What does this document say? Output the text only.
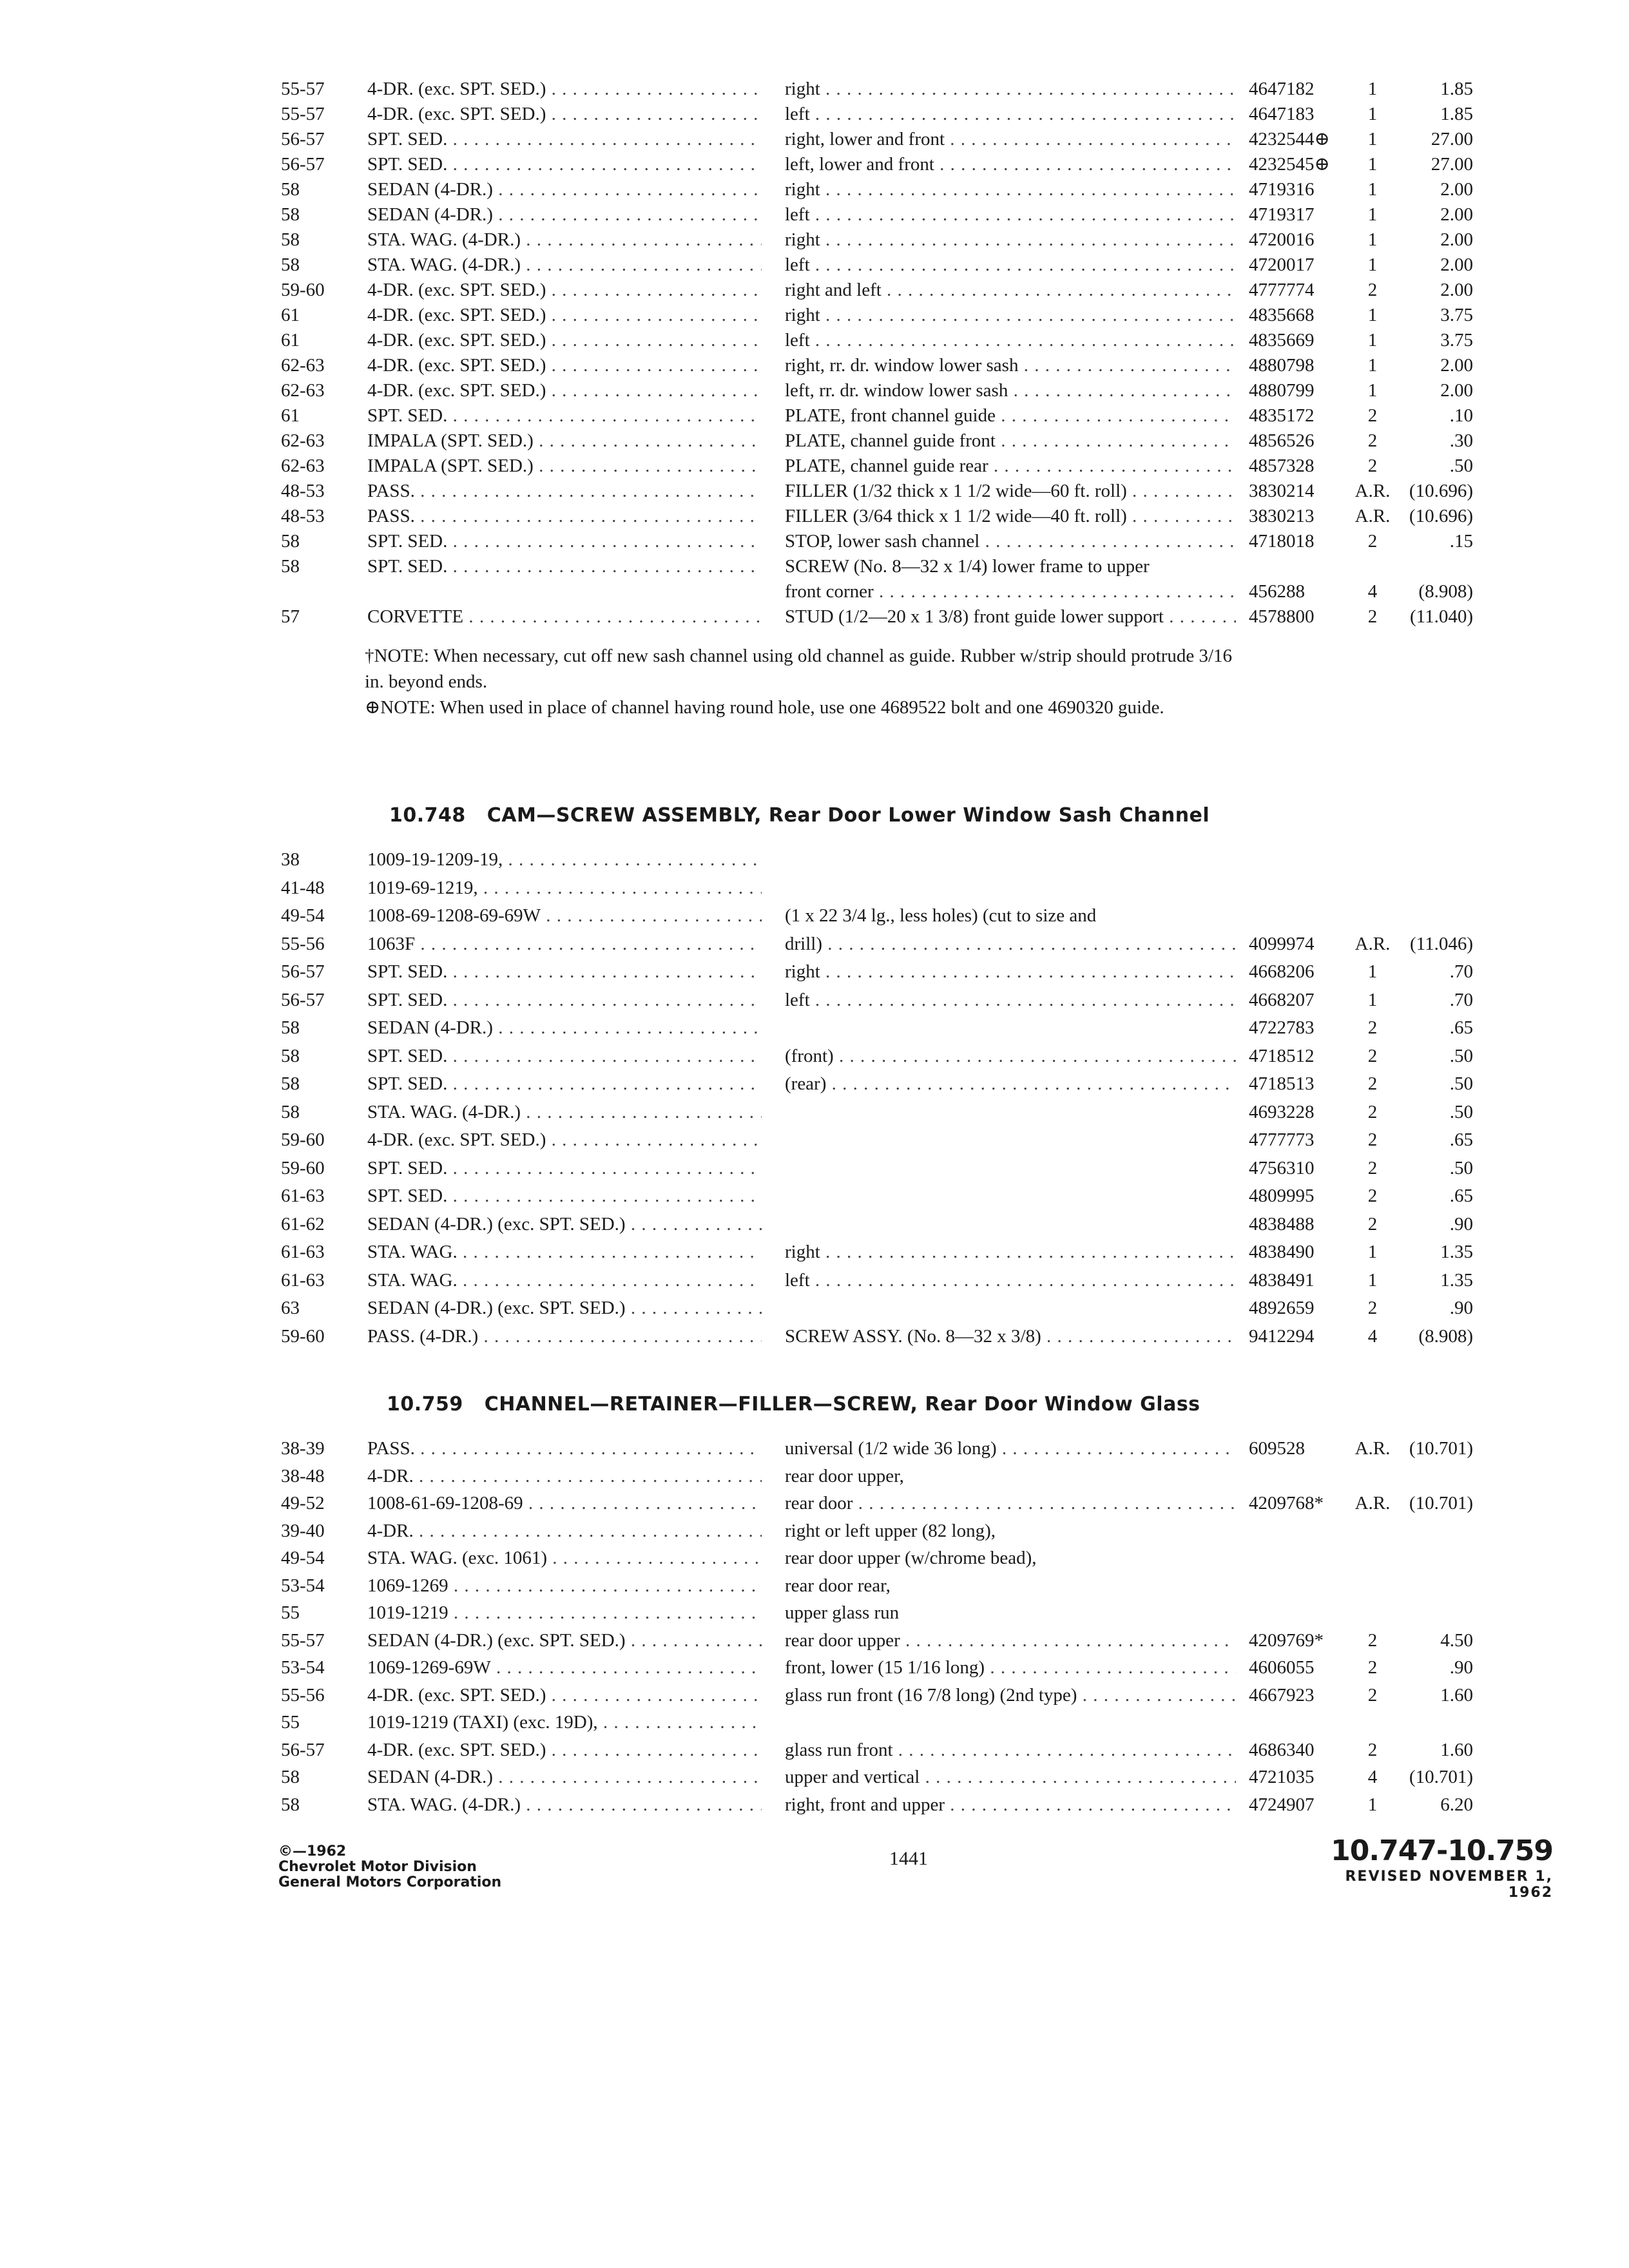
55-57	4-DR. (exc. SPT. SED.) . . .	right . . .	4647182	1	1.85
55-57	4-DR. (exc. SPT. SED.) . . .	left . . .	4647183	1	1.85
56-57	SPT. SED. . . .	right, lower and front . . .	4232544⊕	1	27.00
56-57	SPT. SED. . . .	left, lower and front . . .	4232545⊕	1	27.00
58	SEDAN (4-DR.) . . .	right . . .	4719316	1	2.00
58	SEDAN (4-DR.) . . .	left . . .	4719317	1	2.00
58	STA. WAG. (4-DR.) . . .	right . . .	4720016	1	2.00
58	STA. WAG. (4-DR.) . . .	left . . .	4720017	1	2.00
59-60	4-DR. (exc. SPT. SED.) . . .	right and left . . .	4777774	2	2.00
61	4-DR. (exc. SPT. SED.) . . .	right . . .	4835668	1	3.75
61	4-DR. (exc. SPT. SED.) . . .	left . . .	4835669	1	3.75
62-63	4-DR. (exc. SPT. SED.) . . .	right, rr. dr. window lower sash . . .	4880798	1	2.00
62-63	4-DR. (exc. SPT. SED.) . . .	left, rr. dr. window lower sash . . .	4880799	1	2.00
61	SPT. SED. . . .	PLATE, front channel guide . . .	4835172	2	.10
62-63	IMPALA (SPT. SED.) . . .	PLATE, channel guide front . . .	4856526	2	.30
62-63	IMPALA (SPT. SED.) . . .	PLATE, channel guide rear . . .	4857328	2	.50
48-53	PASS. . . .	FILLER (1/32 thick x 1 1/2 wide—60 ft. roll) . . .	3830214	A.R.	(10.696)
48-53	PASS. . . .	FILLER (3/64 thick x 1 1/2 wide—40 ft. roll) . . .	3830213	A.R.	(10.696)
58	SPT. SED. . . .	STOP, lower sash channel . . .	4718018	2	.15
58	SPT. SED. . . .	SCREW (No. 8—32 x 1/4) lower frame to upper
front corner . . .	456288	4	(8.908)
57	CORVETTE . . .	STUD (1/2—20 x 1 3/8) front guide lower support . . .	4578800	2	(11.040)
†NOTE: When necessary, cut off new sash channel using old channel as guide. Rubber w/strip should protrude 3/16 in. beyond ends.
⊕NOTE: When used in place of channel having round hole, use one 4689522 bolt and one 4690320 guide.
10.748 CAM—SCREW ASSEMBLY, Rear Door Lower Window Sash Channel
38	1009-19-1209-19, . . .
41-48	1019-69-1219, . . .
49-54	1008-69-1208-69-69W . . .	(1 x 22 3/4 lg., less holes) (cut to size and
55-56	1063F . . .	drill) . . .	4099974	A.R.	(11.046)
56-57	SPT. SED. . . .	right . . .	4668206	1	.70
56-57	SPT. SED. . . .	left . . .	4668207	1	.70
58	SEDAN (4-DR.) . . .	4722783	2	.65
58	SPT. SED. . . .	(front) . . .	4718512	2	.50
58	SPT. SED. . . .	(rear) . . .	4718513	2	.50
58	STA. WAG. (4-DR.) . . .	4693228	2	.50
59-60	4-DR. (exc. SPT. SED.) . . .	4777773	2	.65
59-60	SPT. SED. . . .	4756310	2	.50
61-63	SPT. SED. . . .	4809995	2	.65
61-62	SEDAN (4-DR.) (exc. SPT. SED.) . . .	4838488	2	.90
61-63	STA. WAG. . . .	right . . .	4838490	1	1.35
61-63	STA. WAG. . . .	left . . .	4838491	1	1.35
63	SEDAN (4-DR.) (exc. SPT. SED.) . . .	4892659	2	.90
59-60	PASS. (4-DR.) . . .	SCREW ASSY. (No. 8—32 x 3/8) . . .	9412294	4	(8.908)
10.759 CHANNEL—RETAINER—FILLER—SCREW, Rear Door Window Glass
38-39	PASS. . . .	universal (1/2 wide 36 long) . . .	609528	A.R.	(10.701)
38-48	4-DR. . . .	rear door upper,
49-52	1008-61-69-1208-69 . . .	rear door . . .	4209768*	A.R.	(10.701)
39-40	4-DR. . . .	right or left upper (82 long),
49-54	STA. WAG. (exc. 1061) . . .	rear door upper (w/chrome bead),
53-54	1069-1269 . . .	rear door rear,
55	1019-1219 . . .	upper glass run
55-57	SEDAN (4-DR.) (exc. SPT. SED.) . . .	rear door upper . . .	4209769*	2	4.50
53-54	1069-1269-69W . . .	front, lower (15 1/16 long) . . .	4606055	2	.90
55-56	4-DR. (exc. SPT. SED.) . . .	glass run front (16 7/8 long) (2nd type) . . .	4667923	2	1.60
55	1019-1219 (TAXI) (exc. 19D), . . .
56-57	4-DR. (exc. SPT. SED.) . . .	glass run front . . .	4686340	2	1.60
58	SEDAN (4-DR.) . . .	upper and vertical . . .	4721035	4	(10.701)
58	STA. WAG. (4-DR.) . . .	right, front and upper . . .	4724907	1	6.20
©—1962
Chevrolet Motor Division
General Motors Corporation
1441	10.747-10.759
REVISED NOVEMBER 1, 1962
